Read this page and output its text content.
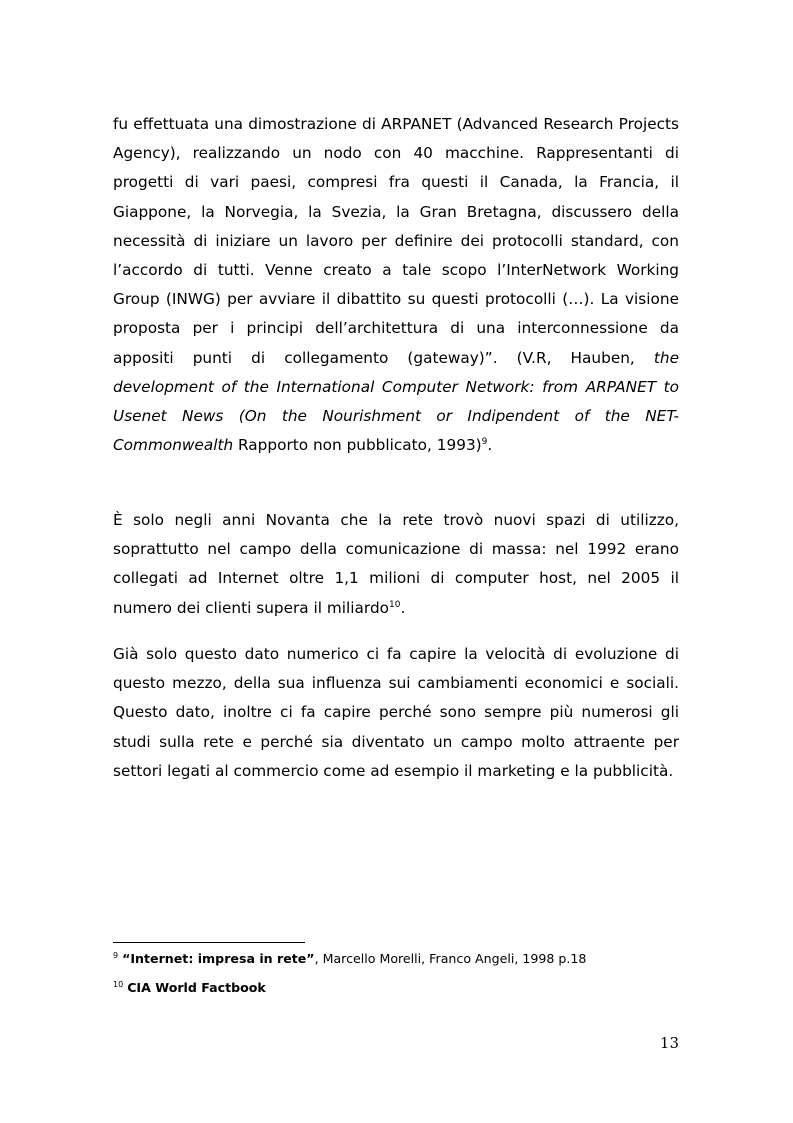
fu effettuata una dimostrazione di ARPANET (Advanced Research Projects Agency), realizzando un nodo con 40 macchine. Rappresentanti di progetti di vari paesi, compresi fra questi il Canada, la Francia, il Giappone, la Norvegia, la Svezia, la Gran Bretagna, discussero della necessità di iniziare un lavoro per definire dei protocolli standard, con l’accordo di tutti. Venne creato a tale scopo l’InterNetwork Working Group (INWG) per avviare il dibattito su questi protocolli (…). La visione proposta per i principi dell’architettura di una interconnessione da appositi punti di collegamento (gateway)”. (V.R, Hauben, the development of the International Computer Network: from ARPANET to Usenet News (On the Nourishment or Indipendent of the NET- Commonwealth Rapporto non pubblicato, 1993)$^9$.

È solo negli anni Novanta che la rete trovò nuovi spazi di utilizzo, soprattutto nel campo della comunicazione di massa: nel 1992 erano collegati ad Internet oltre 1,1 milioni di computer host, nel 2005 il numero dei clienti supera il miliardo$^{10}$.

Già solo questo dato numerico ci fa capire la velocità di evoluzione di questo mezzo, della sua influenza sui cambiamenti economici e sociali. Questo dato, inoltre ci fa capire perché sono sempre più numerosi gli studi sulla rete e perché sia diventato un campo molto attraente per settori legati al commercio come ad esempio il marketing e la pubblicità.

$^9$ “Internet: impresa in rete”, Marcello Morelli, Franco Angeli, 1998 p.18

$^{10}$ CIA World Factbook

13
